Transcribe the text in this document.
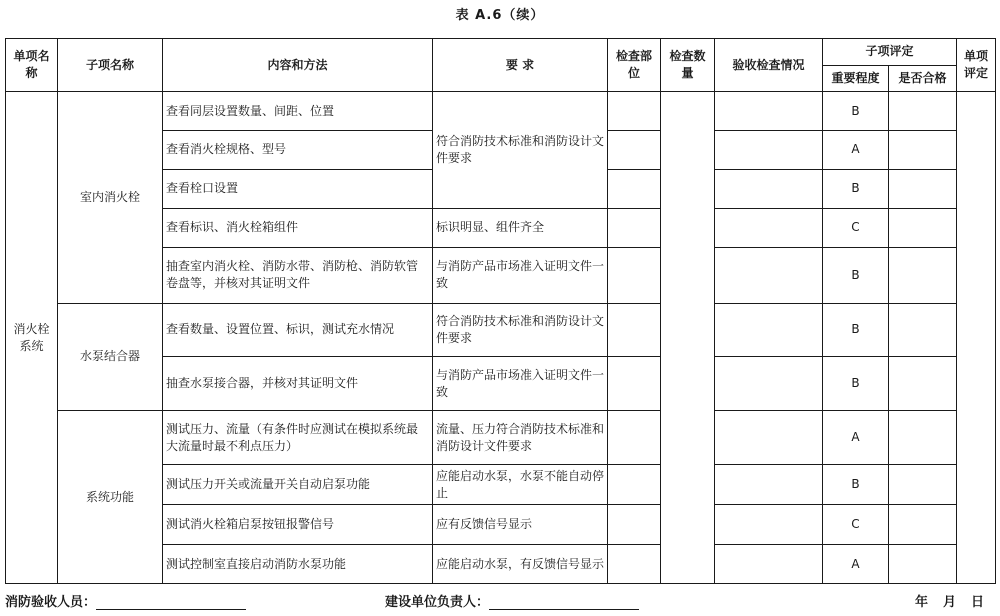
表 A.6（续）
单项名称	子项名称	内容和方法	要 求	检查部位	检查数量	验收检查情况	子项评定		单项评定
							重要程度	是否合格	
消火栓系统	室内消火栓	查看同层设置数量、间距、位置	符合消防技术标准和消防设计文件要求				B		
		查看消火栓规格、型号					A		
		查看栓口设置					B		
		查看标识、消火栓箱组件	标识明显、组件齐全				C		
		抽查室内消火栓、消防水带、消防枪、消防软管卷盘等，并核对其证明文件	与消防产品市场准入证明文件一致				B		
	水泵结合器	查看数量、设置位置、标识，测试充水情况	符合消防技术标准和消防设计文件要求				B		
		抽查水泵接合器，并核对其证明文件	与消防产品市场准入证明文件一致				B		
	系统功能	测试压力、流量（有条件时应测试在模拟系统最大流量时最不利点压力）	流量、压力符合消防技术标准和消防设计文件要求				A		
		测试压力开关或流量开关自动启泵功能	应能启动水泵，水泵不能自动停止				B		
		测试消火栓箱启泵按钮报警信号	应有反馈信号显示				C		
		测试控制室直接启动消防水泵功能	应能启动水泵，有反馈信号显示				A		
消防验收人员：	建设单位负责人：	年　月　日
